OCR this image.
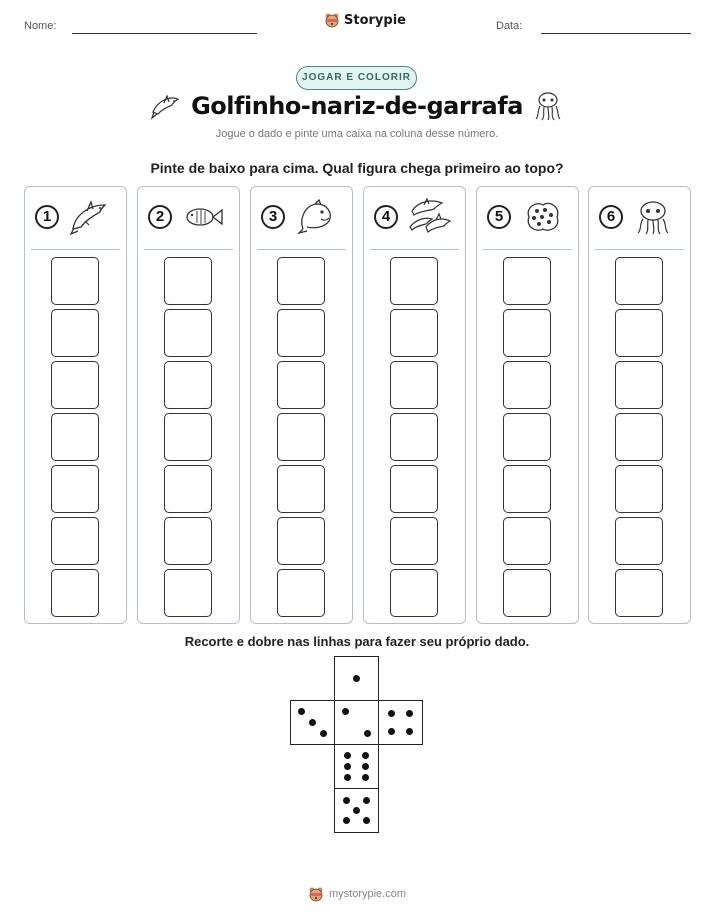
Nome:	Storypie	Data:
JOGAR E COLORIR
Golfinho-nariz-de-garrafa
Jogue o dado e pinte uma caixa na coluna desse número.
Pinte de baixo para cima. Qual figura chega primeiro ao topo?
1	2	3	4	5	6
Recorte e dobre nas linhas para fazer seu próprio dado.
mystorypie.com
